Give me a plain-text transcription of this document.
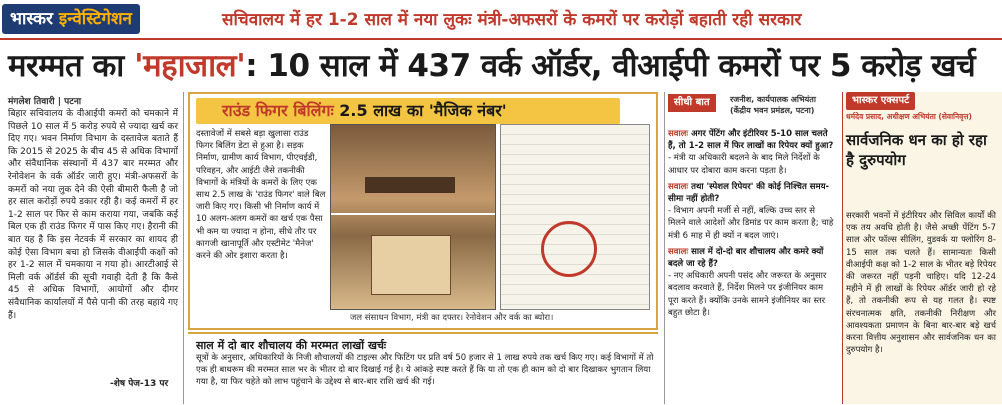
भास्कर इन्वेस्टिगेशन	सचिवालय में हर 1-2 साल में नया लुकः मंत्री-अफसरों के कमरों पर करोड़ों बहाती रही सरकार
मरम्मत का 'महाजाल': 10 साल में 437 वर्क ऑर्डर, वीआईपी कमरों पर 5 करोड़ खर्च
मंगलेश तिवारी | पटना
बिहार सचिवालय के वीआईपी कमरों को चमकाने में पिछले 10 साल में 5 करोड़ रुपये से ज्यादा खर्च कर दिए गए। भवन निर्माण विभाग के दस्तावेज बताते हैं कि 2015 से 2025 के बीच 45 से अधिक विभागों और संवैधानिक संस्थानों में 437 बार मरम्मत और रेनोवेशन के वर्क ऑर्डर जारी हुए। मंत्री-अफसरों के कमरों को नया लुक देने की ऐसी बीमारी फैली है जो हर साल करोड़ों रुपये डकार रही है। कई कमरों में हर 1-2 साल पर फिर से काम कराया गया, जबकि कई बिल एक ही राउंड फिगर में पास किए गए। हैरानी की बात यह है कि इस नेटवर्क में सरकार का शायद ही कोई ऐसा विभाग बचा हो जिसके वीआईपी कक्षों को हर 1-2 साल में चमकाया न गया हो। आरटीआई से मिली वर्क ऑर्डर्स की सूची गवाही देती है कि कैसे 45 से अधिक विभागों, आयोगों और दीगर संवैधानिक कार्यालयों में पैसे पानी की तरह बहाये गए हैं।
-शेष पेज-13 पर
राउंड फिगर बिलिंगः 2.5 लाख का 'मैजिक नंबर'
दस्तावेजों में सबसे बड़ा खुलासा राउंड फिगर बिलिंग डेटा से हुआ है। सड़क निर्माण, ग्रामीण कार्य विभाग, पीएचईडी, परिवहन, और आईटी जैसे तकनीकी विभागों के मंत्रियों के कमरों के लिए एक साथ 2.5 लाख के 'राउंड फिगर' वाले बिल जारी किए गए। किसी भी निर्माण कार्य में 10 अलग-अलग कमरों का खर्च एक पैसा भी कम या ज्यादा न होना, सीधे तौर पर कागजी खानापूर्ति और एस्टीमेट 'मैनेज' करने की ओर इशारा करता है।
जल संसाधन विभाग, मंत्री का दफ्तर। रेनोवेशन और वर्क का ब्योरा।
साल में दो बार शौचालय की मरम्मत लाखों खर्चः
सूत्रों के अनुसार, अधिकारियों के निजी शौचालयों की टाइल्स और फिटिंग पर प्रति वर्ष 50 हजार से 1 लाख रुपये तक खर्च किए गए। कई विभागों में तो एक ही बाथरूम की मरम्मत साल भर के भीतर दो बार दिखाई गई है। ये आंकड़े स्पष्ट करते हैं कि या तो एक ही काम को दो बार दिखाकर भुगतान लिया गया है, या फिर चहेते को लाभ पहुंचाने के उद्देश्य से बार-बार राशि खर्च की गई।
सीधी बात	रजनीश, कार्यपालक अभियंता (केंद्रीय भवन प्रमंडल, पटना)
सवालः अगर पेंटिंग और इंटीरियर 5-10 साल चलते हैं, तो 1-2 साल में फिर लाखों का रिपेयर क्यों हुआ?
- मंत्री या अधिकारी बदलने के बाद मिले निर्देशों के आधार पर दोबारा काम करना पड़ता है।
सवालः तथा 'स्पेशल रिपेयर' की कोई निश्चित समय-सीमा नहीं होती?
- विभाग अपनी मर्जी से नहीं, बल्कि उच्च स्तर से मिलने वाले आदेशों और डिमांड पर काम करता है; चाहे मंत्री 6 माह में ही क्यों न बदल जाएं।
सवालः साल में दो-दो बार शौचालय और कमरे क्यों बदले जा रहे हैं?
- नए अधिकारी अपनी पसंद और जरूरत के अनुसार बदलाव करवाते हैं, निर्देश मिलने पर इंजीनियर काम पूरा करते हैं। क्योंकि उनके सामने इंजीनियर का स्तर बहुत छोटा है।
भास्कर एक्सपर्ट
धर्मदेव प्रसाद, अधीक्षण अभियंता (सेवानिवृत्त)
सार्वजनिक धन का हो रहा है दुरुपयोग
सरकारी भवनों में इंटीरियर और सिविल कार्यों की एक तय अवधि होती है। जैसे अच्छी पेंटिंग 5-7 साल और फॉल्स सीलिंग, वुडवर्क या फ्लोरिंग 8-15 साल तक चलते हैं। सामान्यतः किसी वीआईपी कक्ष को 1-2 साल के भीतर बड़े रिपेयर की जरूरत नहीं पड़नी चाहिए। यदि 12-24 महीने में ही लाखों के रिपेयर ऑर्डर जारी हो रहे हैं, तो तकनीकी रूप से यह गलत है। स्पष्ट संरचनात्मक क्षति, तकनीकी निरीक्षण और आवश्यकता प्रमाणन के बिना बार-बार बड़े खर्च करना वित्तीय अनुशासन और सार्वजनिक धन का दुरुपयोग है।
